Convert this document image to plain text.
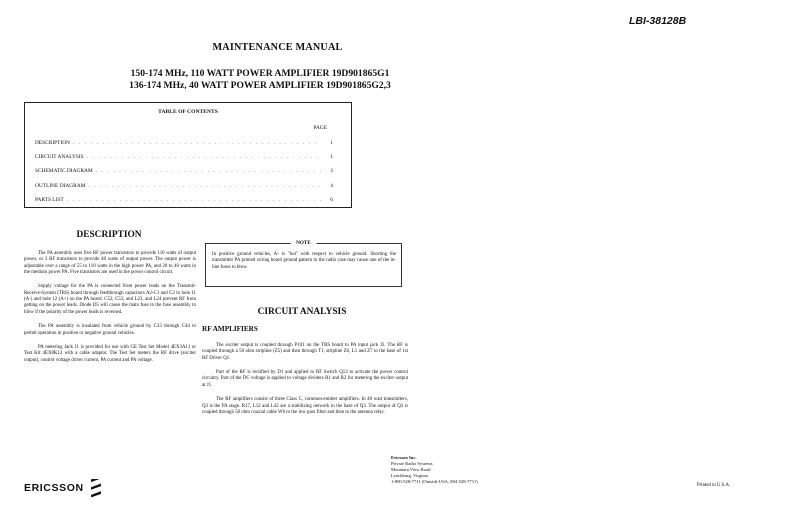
LBI-38128B
MAINTENANCE MANUAL
150-174 MHz, 110 WATT POWER AMPLIFIER 19D901865G1
136-174 MHz, 40 WATT POWER AMPLIFIER 19D901865G2,3
TABLE OF CONTENTS
PAGE
DESCRIPTION . . .	1
CIRCUIT ANALYSIS . . .	1
SCHEMATIC DIAGRAM . . .	3
OUTLINE DIAGRAM . . .	4
PARTS LIST . . .	6
DESCRIPTION

The PA assembly uses five RF power transistors to provide 110 watts of output power, or 3 RF transistors to provide 40 watts of output power. The output power is adjustable over a range of 55 to 110 watts in the high power PA, and 20 to 40 watts in the medium power PA. Five transistors are used in the power control circuit.

Supply voltage for the PA is connected from power leads on the Transmit-Receive-System (TRS) board through feedthrough capacitors A2-C1 and C2 to hole 11 (A-) and hole 12 (A+) on the PA board. C52, C53, and L23, and L24 prevent RF from getting on the power leads. Diode D5 will cause the main fuse in the fuse assembly to blow if the polarity of the power leads is reversed.

The PA assembly is insulated from vehicle ground by C33 through C44 to permit operation in positive or negative ground vehicles.

PA metering Jack J1 is provided for use with GE Test Set Model 4EX3A11 or Test Kit 4EX8K12 with a cable adaptor. The Test Set meters the RF drive (exciter output), control voltage driver current, PA current and PA voltage.

NOTE

In positive ground vehicles, A- is "hot" with respect to vehicle ground. Shorting the transmitter PA printed wiring board ground pattern to the radio case may cause one of the in-line fuses to blow.

CIRCUIT ANALYSIS
RF AMPLIFIERS

The exciter output is coupled through P101 on the TRS board to PA input jack J3. The RF is coupled through a 50 ohm stripline (Z5) and then through T1, stripline Z6, L1 and Z7 to the base of 1st RF Driver Q1.

Part of the RF is rectified by D1 and applied to RF Switch Q13 to activate the power control circuitry. Part of the DC voltage is applied to voltage dividers R1 and R2 for metering the exciter output at J1.

The RF amplifiers consist of three Class C, common-emitter amplifiers. In 40 watt transmitters, Q3 is the PA stage. R17, L12 and L42 are a stabilizing network in the base of Q3. The output of Q3 is coupled through 50 ohm coaxial cable W6 to the low pass filter and then to the antenna relay.

ERICSSON
Ericsson Inc.
Private Radio Systems
Mountain View Road
Lynchburg, Virginia
1-800-528-7711 (Outside USA, 804-528-7711)
Printed in U.S.A.
